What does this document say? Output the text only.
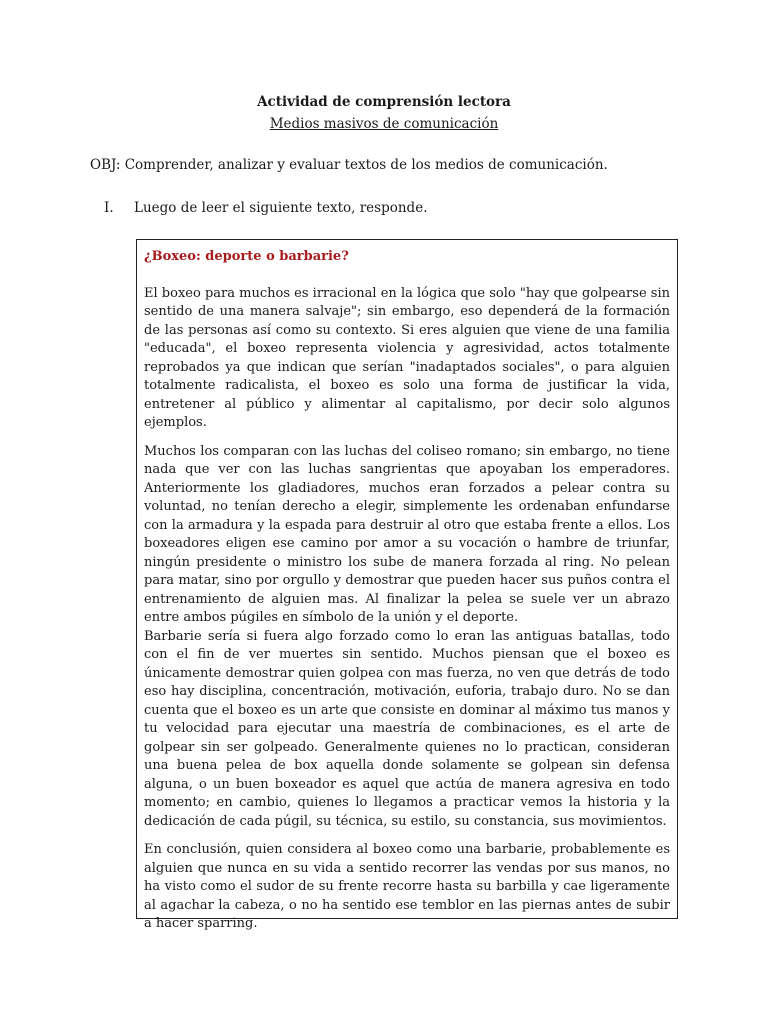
Actividad de comprensión lectora
Medios masivos de comunicación
OBJ: Comprender, analizar y evaluar textos de los medios de comunicación.
I. Luego de leer el siguiente texto, responde.
¿Boxeo: deporte o barbarie?

El boxeo para muchos es irracional en la lógica que solo "hay que golpearse sin sentido de una manera salvaje"; sin embargo, eso dependerá de la formación de las personas así como su contexto. Si eres alguien que viene de una familia "educada", el boxeo representa violencia y agresividad, actos totalmente reprobados ya que indican que serían "inadaptados sociales", o para alguien totalmente radicalista, el boxeo es solo una forma de justificar la vida, entretener al público y alimentar al capitalismo, por decir solo algunos ejemplos.

Muchos los comparan con las luchas del coliseo romano; sin embargo, no tiene nada que ver con las luchas sangrientas que apoyaban los emperadores. Anteriormente los gladiadores, muchos eran forzados a pelear contra su voluntad, no tenían derecho a elegir, simplemente les ordenaban enfundarse con la armadura y la espada para destruir al otro que estaba frente a ellos. Los boxeadores eligen ese camino por amor a su vocación o hambre de triunfar, ningún presidente o ministro los sube de manera forzada al ring. No pelean para matar, sino por orgullo y demostrar que pueden hacer sus puños contra el entrenamiento de alguien mas. Al finalizar la pelea se suele ver un abrazo entre ambos púgiles en símbolo de la unión y el deporte.

Barbarie sería si fuera algo forzado como lo eran las antiguas batallas, todo con el fin de ver muertes sin sentido. Muchos piensan que el boxeo es únicamente demostrar quien golpea con mas fuerza, no ven que detrás de todo eso hay disciplina, concentración, motivación, euforia, trabajo duro. No se dan cuenta que el boxeo es un arte que consiste en dominar al máximo tus manos y tu velocidad para ejecutar una maestría de combinaciones, es el arte de golpear sin ser golpeado. Generalmente quienes no lo practican, consideran una buena pelea de box aquella donde solamente se golpean sin defensa alguna, o un buen boxeador es aquel que actúa de manera agresiva en todo momento; en cambio, quienes lo llegamos a practicar vemos la historia y la dedicación de cada púgil, su técnica, su estilo, su constancia, sus movimientos.

En conclusión, quien considera al boxeo como una barbarie, probablemente es alguien que nunca en su vida a sentido recorrer las vendas por sus manos, no ha visto como el sudor de su frente recorre hasta su barbilla y cae ligeramente al agachar la cabeza, o no ha sentido ese temblor en las piernas antes de subir a hacer sparring.
